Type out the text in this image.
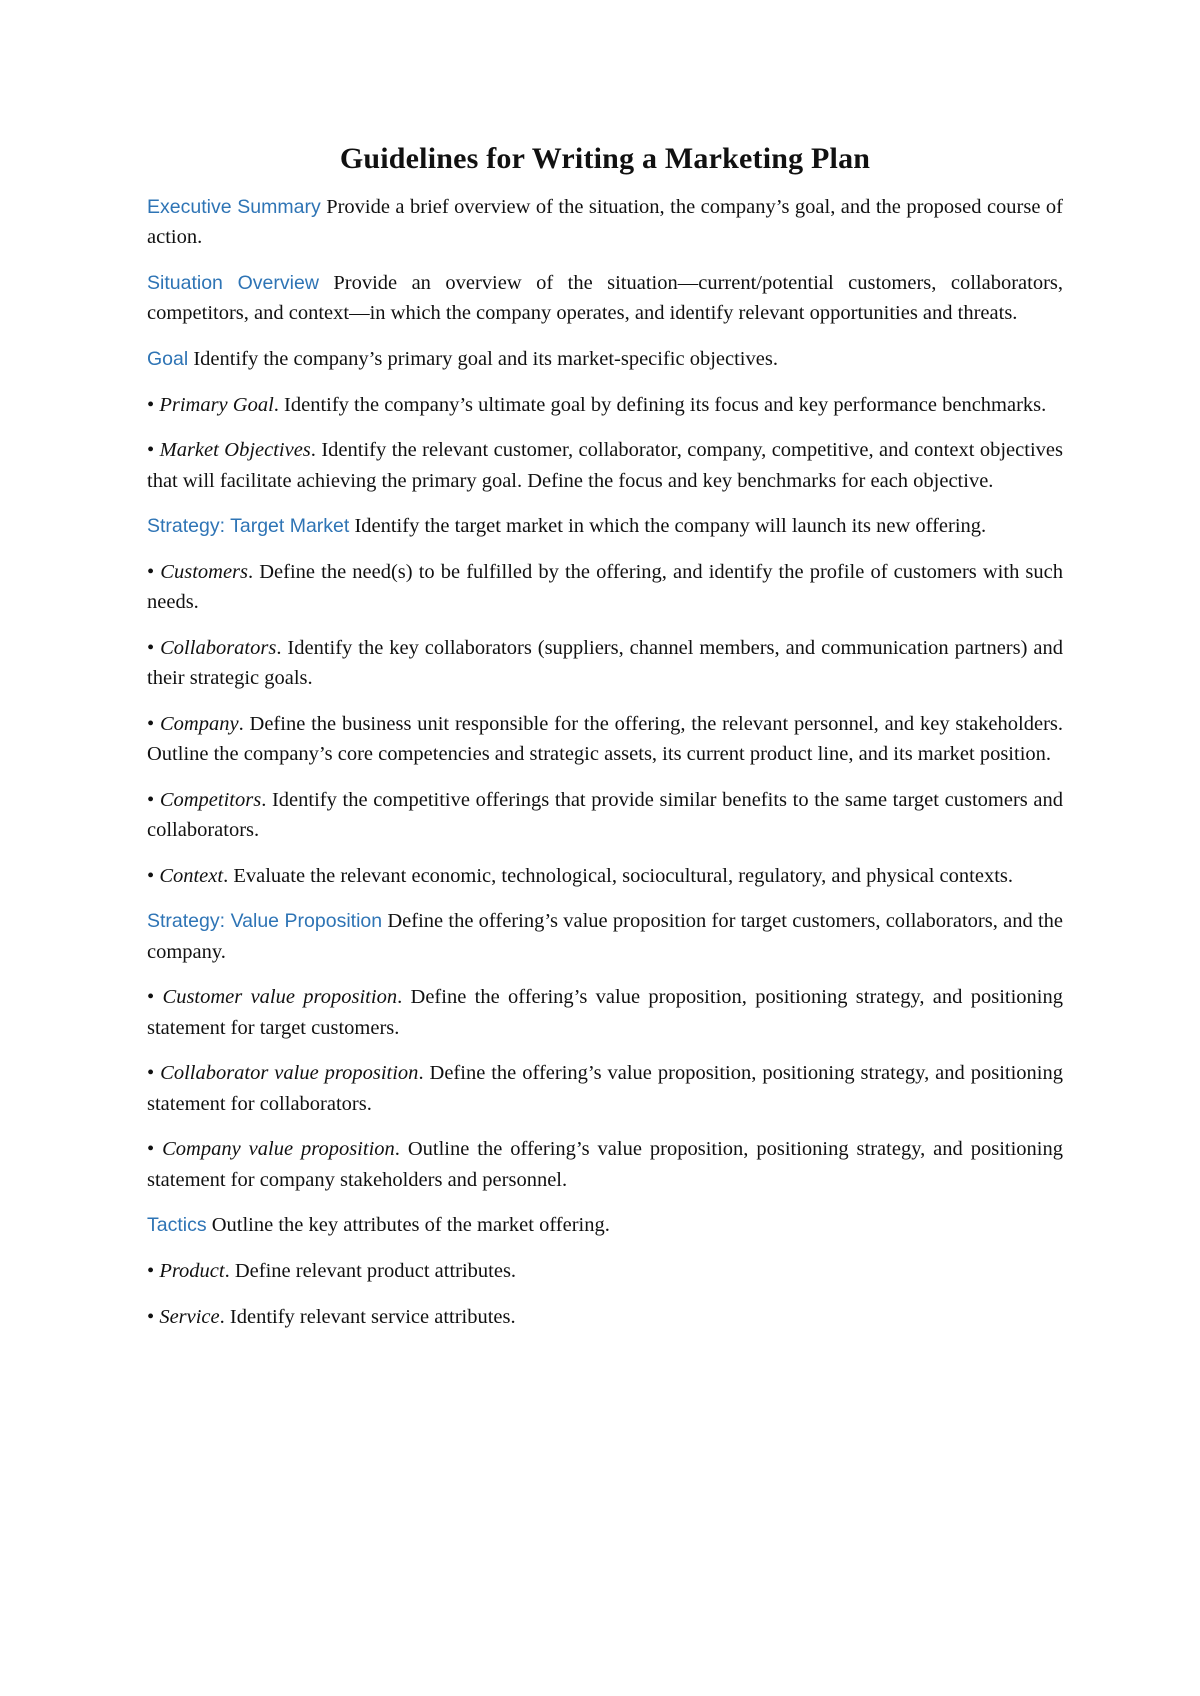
Guidelines for Writing a Marketing Plan

Executive Summary Provide a brief overview of the situation, the company’s goal, and the proposed course of action.

Situation Overview Provide an overview of the situation—current/potential customers, collaborators, competitors, and context—in which the company operates, and identify relevant opportunities and threats.

Goal Identify the company’s primary goal and its market-specific objectives.

• Primary Goal. Identify the company’s ultimate goal by defining its focus and key performance benchmarks.

• Market Objectives. Identify the relevant customer, collaborator, company, competitive, and context objectives that will facilitate achieving the primary goal. Define the focus and key benchmarks for each objective.

Strategy: Target Market Identify the target market in which the company will launch its new offering.

• Customers. Define the need(s) to be fulfilled by the offering, and identify the profile of customers with such needs.

• Collaborators. Identify the key collaborators (suppliers, channel members, and communication partners) and their strategic goals.

• Company. Define the business unit responsible for the offering, the relevant personnel, and key stakeholders. Outline the company’s core competencies and strategic assets, its current product line, and its market position.

• Competitors. Identify the competitive offerings that provide similar benefits to the same target customers and collaborators.

• Context. Evaluate the relevant economic, technological, sociocultural, regulatory, and physical contexts.

Strategy: Value Proposition Define the offering’s value proposition for target customers, collaborators, and the company.

• Customer value proposition. Define the offering’s value proposition, positioning strategy, and positioning statement for target customers.

• Collaborator value proposition. Define the offering’s value proposition, positioning strategy, and positioning statement for collaborators.

• Company value proposition. Outline the offering’s value proposition, positioning strategy, and positioning statement for company stakeholders and personnel.

Tactics Outline the key attributes of the market offering.

• Product. Define relevant product attributes.

• Service. Identify relevant service attributes.
